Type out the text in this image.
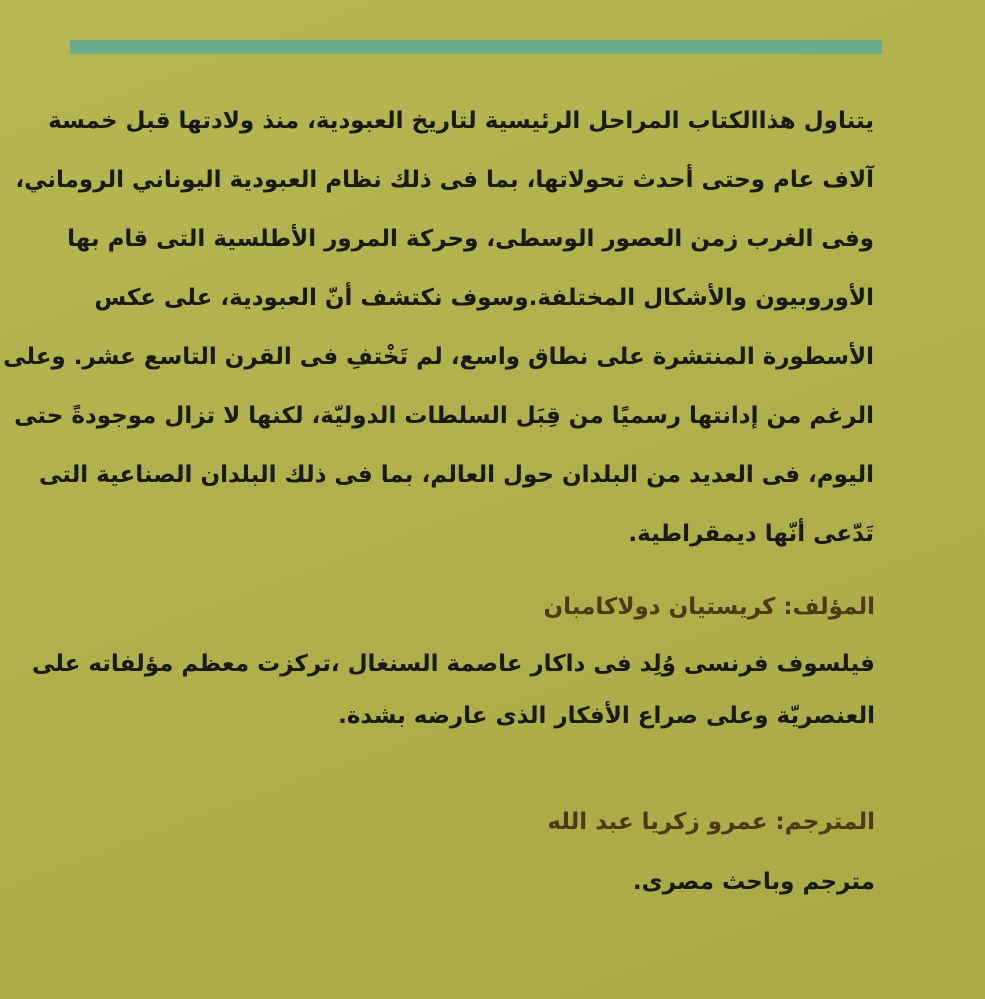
يتناول هذاالكتاب المراحل الرئيسية لتاريخ العبودية، منذ ولادتها قبل خمسة
آلاف عام وحتى أحدث تحولاتها، بما فى ذلك نظام العبودية اليوناني الروماني،
وفى الغرب زمن العصور الوسطى، وحركة المرور الأطلسية التى قام بها
الأوروبيون والأشكال المختلفة.وسوف نكتشف أنّ العبودية، على عكس
الأسطورة المنتشرة على نطاق واسع، لم تَخْتفِ فى القرن التاسع عشر. وعلى
الرغم من إدانتها رسميًا من قِبَل السلطات الدوليّة، لكنها لا تزال موجودةً حتى
اليوم، فى العديد من البلدان حول العالم، بما فى ذلك البلدان الصناعية التى
تَدّعى أنّها ديمقراطية.
المؤلف: كريستيان دولاكامبان
فيلسوف فرنسى وُلِد فى داكار عاصمة السنغال ،تركزت معظم مؤلفاته على
العنصريّة وعلى صراع الأفكار الذى عارضه بشدة.
المترجم: عمرو زكريا عبد الله
مترجم وباحث مصرى.
